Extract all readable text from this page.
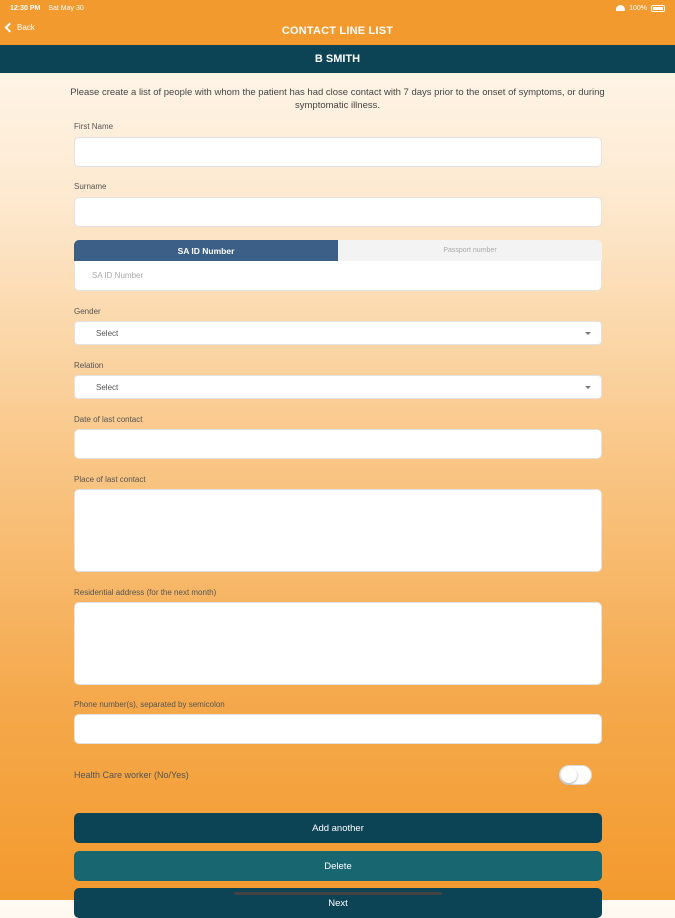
12:30 PM Sat May 30	100%
Back	CONTACT LINE LIST
B SMITH
Please create a list of people with whom the patient has had close contact with 7 days prior to the onset of symptoms, or during symptomatic illness.
First Name
Surname
SA ID Number	Passport number
SA ID Number
Gender
Select
Relation
Select
Date of last contact
Place of last contact
Residential address (for the next month)
Phone number(s), separated by semicolon
Health Care worker (No/Yes)
Add another
Delete
Next
